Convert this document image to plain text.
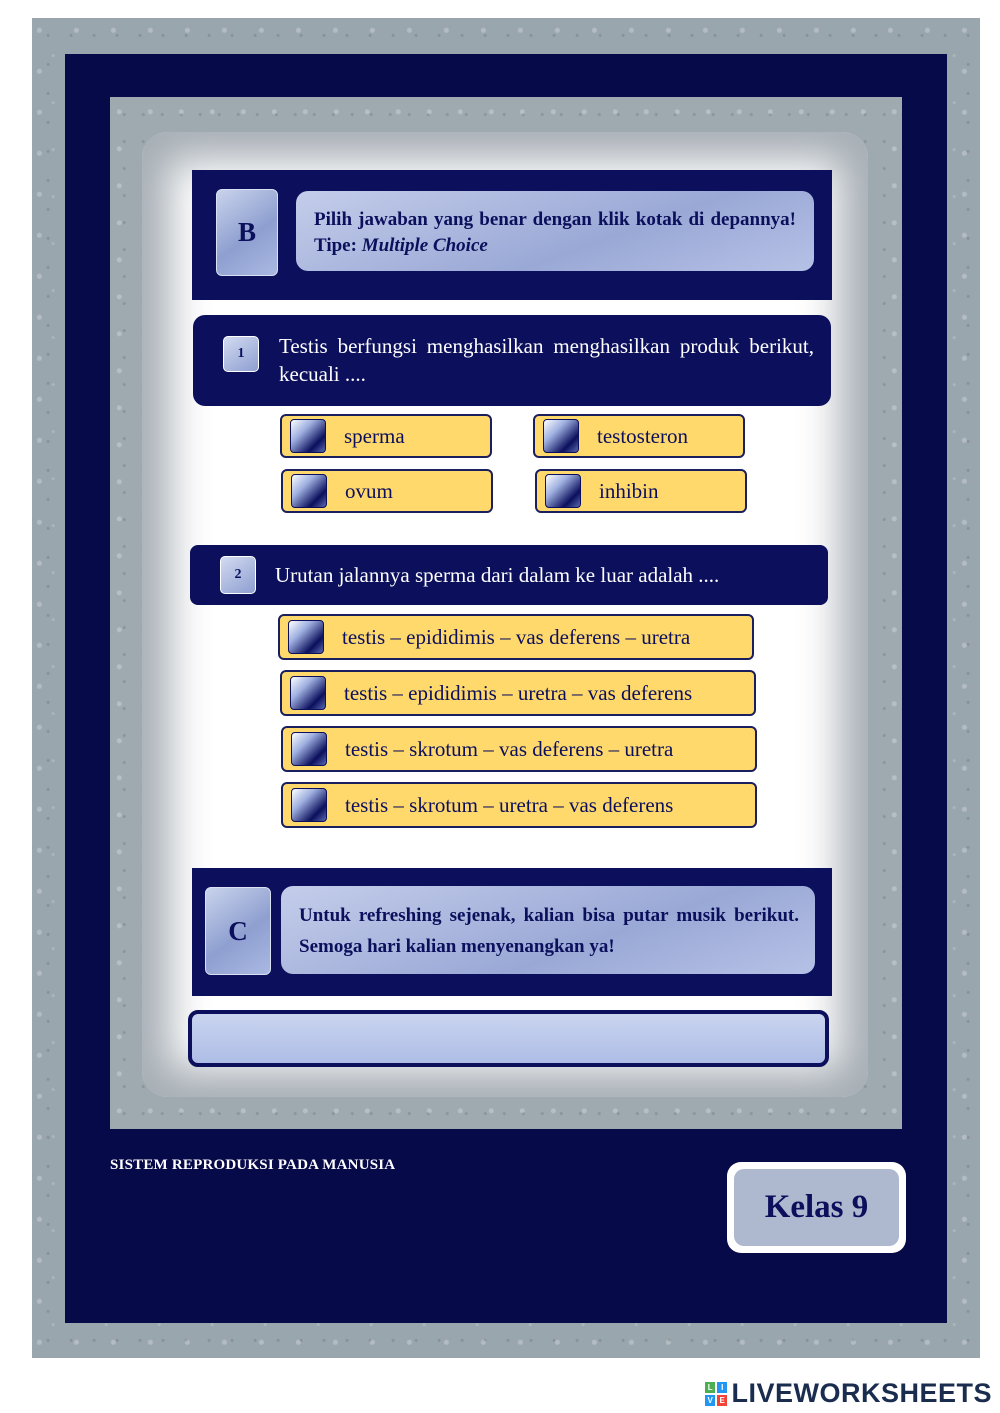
B	Pilih jawaban yang benar dengan klik kotak di depannya! Tipe: Multiple Choice
1	Testis berfungsi menghasilkan menghasilkan produk berikut, kecuali ....
sperma	testosteron
ovum	inhibin
2	Urutan jalannya sperma dari dalam ke luar adalah ....
testis – epididimis – vas deferens – uretra
testis – epididimis – uretra – vas deferens
testis – skrotum – vas deferens – uretra
testis – skrotum – uretra – vas deferens
C	Untuk refreshing sejenak, kalian bisa putar musik berikut. Semoga hari kalian menyenangkan ya!
SISTEM REPRODUKSI PADA MANUSIA
Kelas 9
L I
V E LIVEWORKSHEETS
